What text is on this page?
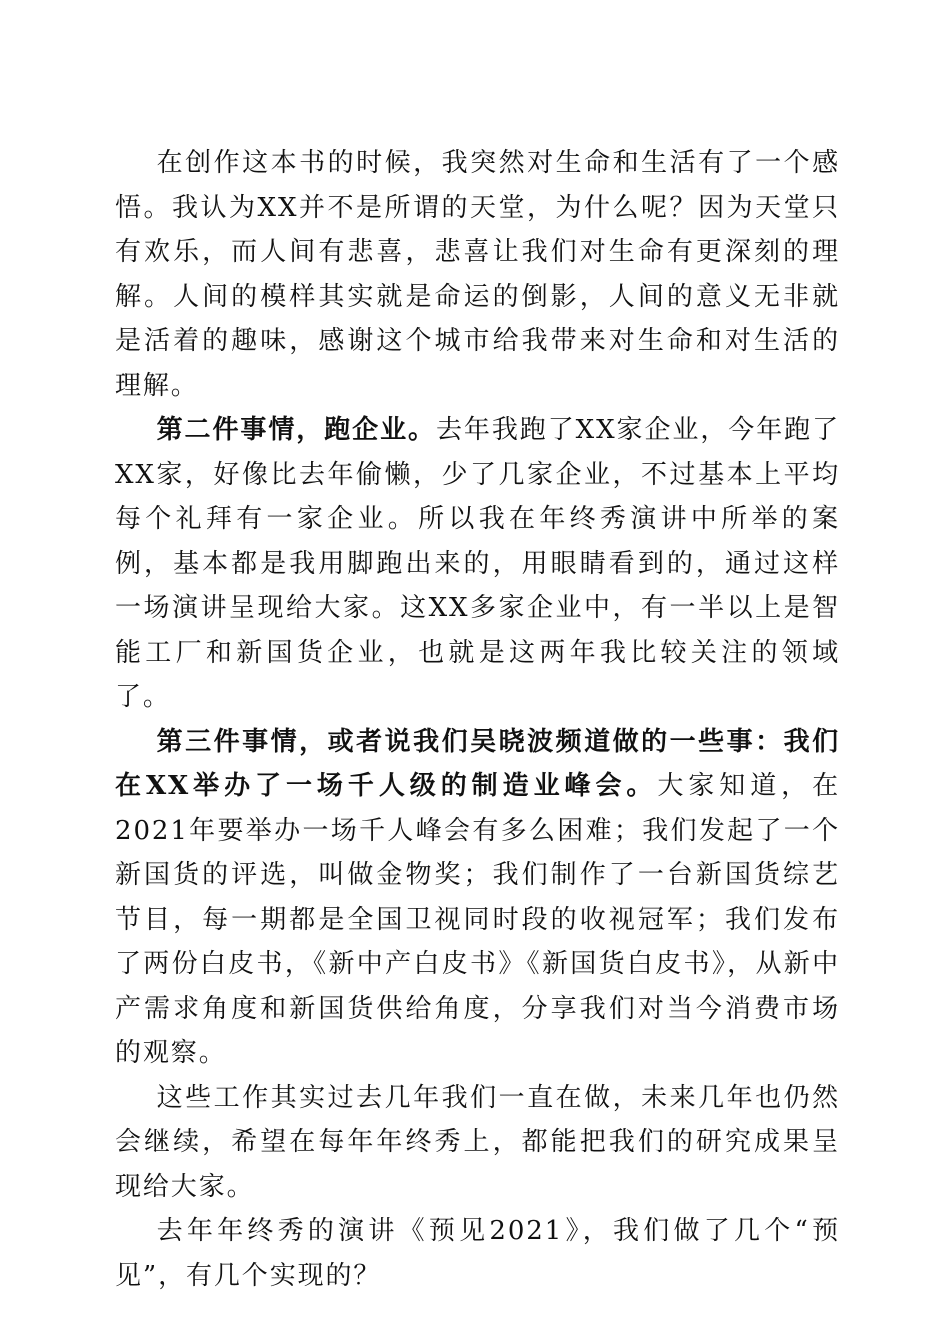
在创作这本书的时候，我突然对生命和生活有了一个感悟。我认为XX并不是所谓的天堂，为什么呢？因为天堂只有欢乐，而人间有悲喜，悲喜让我们对生命有更深刻的理解。人间的模样其实就是命运的倒影，人间的意义无非就是活着的趣味，感谢这个城市给我带来对生命和对生活的理解。

第二件事情，跑企业。去年我跑了XX家企业，今年跑了XX家，好像比去年偷懒，少了几家企业，不过基本上平均每个礼拜有一家企业。所以我在年终秀演讲中所举的案例，基本都是我用脚跑出来的，用眼睛看到的，通过这样一场演讲呈现给大家。这XX多家企业中，有一半以上是智能工厂和新国货企业，也就是这两年我比较关注的领域了。

第三件事情，或者说我们吴晓波频道做的一些事：我们在XX举办了一场千人级的制造业峰会。大家知道，在2021年要举办一场千人峰会有多么困难；我们发起了一个新国货的评选，叫做金物奖；我们制作了一台新国货综艺节目，每一期都是全国卫视同时段的收视冠军；我们发布了两份白皮书，《新中产白皮书》《新国货白皮书》，从新中产需求角度和新国货供给角度，分享我们对当今消费市场的观察。

这些工作其实过去几年我们一直在做，未来几年也仍然会继续，希望在每年年终秀上，都能把我们的研究成果呈现给大家。

去年年终秀的演讲《预见2021》，我们做了几个“预见”，有几个实现的？
